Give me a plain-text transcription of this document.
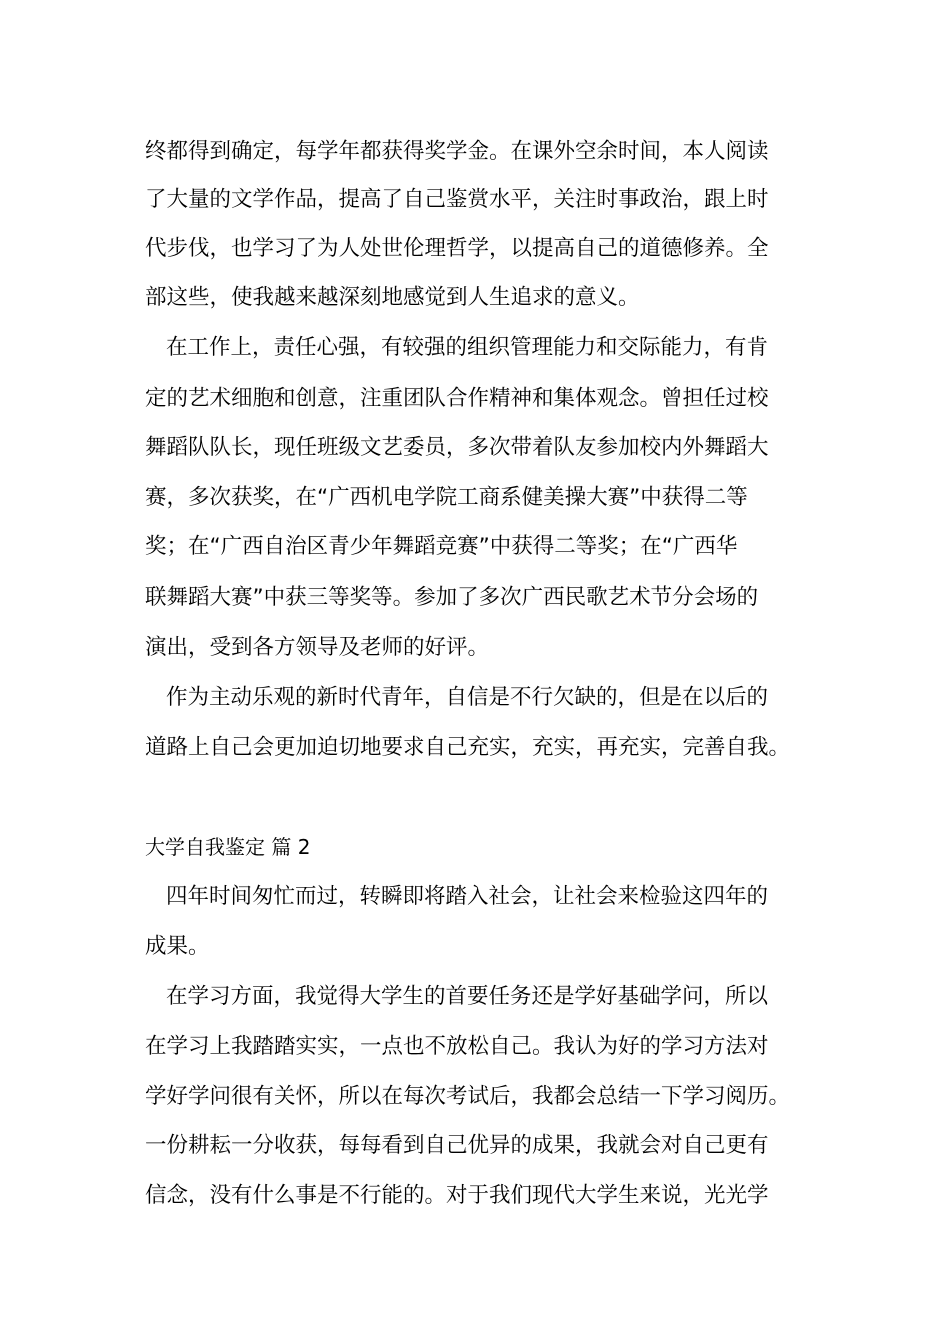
终都得到确定，每学年都获得奖学金。在课外空余时间，本人阅读
了大量的文学作品，提高了自己鉴赏水平，关注时事政治，跟上时
代步伐，也学习了为人处世伦理哲学，以提高自己的道德修养。全
部这些，使我越来越深刻地感觉到人生追求的意义。
在工作上，责任心强，有较强的组织管理能力和交际能力，有肯
定的艺术细胞和创意，注重团队合作精神和集体观念。曾担任过校
舞蹈队队长，现任班级文艺委员，多次带着队友参加校内外舞蹈大
赛，多次获奖，在“广西机电学院工商系健美操大赛”中获得二等
奖；在“广西自治区青少年舞蹈竞赛”中获得二等奖；在“广西华
联舞蹈大赛”中获三等奖等。参加了多次广西民歌艺术节分会场的
演出，受到各方领导及老师的好评。
作为主动乐观的新时代青年，自信是不行欠缺的，但是在以后的
道路上自己会更加迫切地要求自己充实，充实，再充实，完善自我。
大学自我鉴定 篇 2
四年时间匆忙而过，转瞬即将踏入社会，让社会来检验这四年的
成果。
在学习方面，我觉得大学生的首要任务还是学好基础学问，所以
在学习上我踏踏实实，一点也不放松自己。我认为好的学习方法对
学好学问很有关怀，所以在每次考试后，我都会总结一下学习阅历。
一份耕耘一分收获，每每看到自己优异的成果，我就会对自己更有
信念，没有什么事是不行能的。对于我们现代大学生来说，光光学
